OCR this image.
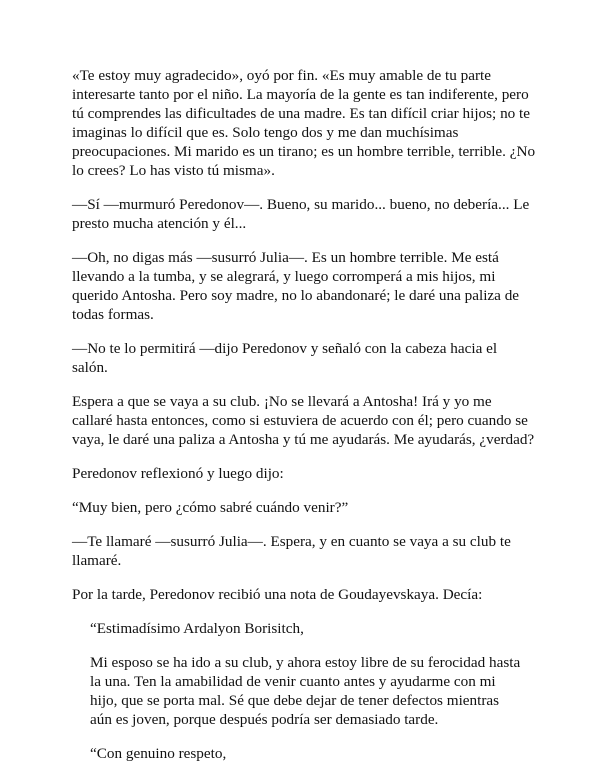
«Te estoy muy agradecido», oyó por fin. «Es muy amable de tu parte
interesarte tanto por el niño. La mayoría de la gente es tan indiferente, pero
tú comprendes las dificultades de una madre. Es tan difícil criar hijos; no te
imaginas lo difícil que es. Solo tengo dos y me dan muchísimas
preocupaciones. Mi marido es un tirano; es un hombre terrible, terrible. ¿No
lo crees? Lo has visto tú misma».

—Sí —murmuró Peredonov—. Bueno, su marido... bueno, no debería... Le
presto mucha atención y él...

—Oh, no digas más —susurró Julia—. Es un hombre terrible. Me está
llevando a la tumba, y se alegrará, y luego corromperá a mis hijos, mi
querido Antosha. Pero soy madre, no lo abandonaré; le daré una paliza de
todas formas.

—No te lo permitirá —dijo Peredonov y señaló con la cabeza hacia el
salón.

Espera a que se vaya a su club. ¡No se llevará a Antosha! Irá y yo me
callaré hasta entonces, como si estuviera de acuerdo con él; pero cuando se
vaya, le daré una paliza a Antosha y tú me ayudarás. Me ayudarás, ¿verdad?

Peredonov reflexionó y luego dijo:

“Muy bien, pero ¿cómo sabré cuándo venir?”

—Te llamaré —susurró Julia—. Espera, y en cuanto se vaya a su club te
llamaré.

Por la tarde, Peredonov recibió una nota de Goudayevskaya. Decía:

“Estimadísimo Ardalyon Borisitch,

Mi esposo se ha ido a su club, y ahora estoy libre de su ferocidad hasta
la una. Ten la amabilidad de venir cuanto antes y ayudarme con mi
hijo, que se porta mal. Sé que debe dejar de tener defectos mientras
aún es joven, porque después podría ser demasiado tarde.

“Con genuino respeto,
